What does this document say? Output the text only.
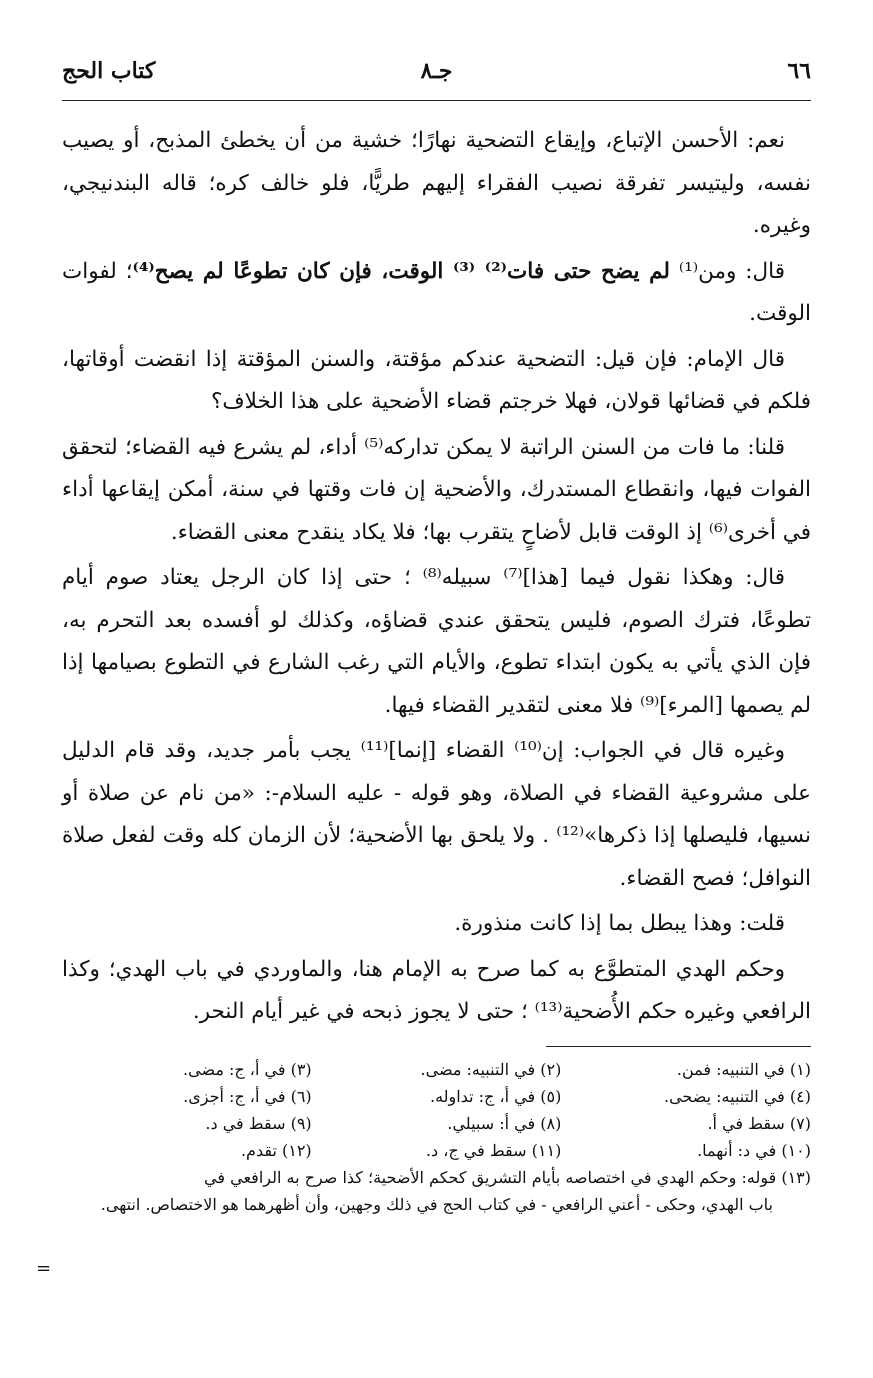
٦٦
جـ٨
كتاب الحج

نعم: الأحسن الإتباع، وإيقاع التضحية نهارًا؛ خشية من أن يخطئ المذبح، أو يصيب نفسه، وليتيسر تفرقة نصيب الفقراء إليهم طريًّا، فلو خالف كره؛ قاله البندنيجي، وغيره.

قال: ومن⁽¹⁾ لم يضح حتى فات⁽²⁾ ⁽³⁾ الوقت، فإن كان تطوعًا لم يصح⁽⁴⁾؛ لفوات الوقت.

قال الإمام: فإن قيل: التضحية عندكم مؤقتة، والسنن المؤقتة إذا انقضت أوقاتها، فلكم في قضائها قولان، فهلا خرجتم قضاء الأضحية على هذا الخلاف؟

قلنا: ما فات من السنن الراتبة لا يمكن تداركه⁽⁵⁾ أداء، لم يشرع فيه القضاء؛ لتحقق الفوات فيها، وانقطاع المستدرك، والأضحية إن فات وقتها في سنة، أمكن إيقاعها أداء في أخرى⁽⁶⁾ إذ الوقت قابل لأضاحٍ يتقرب بها؛ فلا يكاد ينقدح معنى القضاء.

قال: وهكذا نقول فيما [هذا]⁽⁷⁾ سبيله⁽⁸⁾ ؛ حتى إذا كان الرجل يعتاد صوم أيام تطوعًا، فترك الصوم، فليس يتحقق عندي قضاؤه، وكذلك لو أفسده بعد التحرم به، فإن الذي يأتي به يكون ابتداء تطوع، والأيام التي رغب الشارع في التطوع بصيامها إذا لم يصمها [المرء]⁽⁹⁾ فلا معنى لتقدير القضاء فيها.

وغيره قال في الجواب: إن⁽¹⁰⁾ القضاء [إنما]⁽¹¹⁾ يجب بأمر جديد، وقد قام الدليل على مشروعية القضاء في الصلاة، وهو قوله - عليه السلام-: «من نام عن صلاة أو نسيها، فليصلها إذا ذكرها»⁽¹²⁾ . ولا يلحق بها الأضحية؛ لأن الزمان كله وقت لفعل صلاة النوافل؛ فصح القضاء.

قلت: وهذا يبطل بما إذا كانت منذورة.

وحكم الهدي المتطوَّع به كما صرح به الإمام هنا، والماوردي في باب الهدي؛ وكذا الرافعي وغيره حكم الأُضحية⁽¹³⁾ ؛ حتى لا يجوز ذبحه في غير أيام النحر.

(١) في التنبيه: فمن.
(٢) في التنبيه: مضى.
(٣) في أ، ج: مضى.
(٤) في التنبيه: يضحى.
(٥) في أ، ج: تداوله.
(٦) في أ، ج: أجزى.
(٧) سقط في أ.
(٨) في أ: سبيلي.
(٩) سقط في د.
(١٠) في د: أنهما.
(١١) سقط في ج، د.
(١٢) تقدم.
(١٣) قوله: وحكم الهدي في اختصاصه بأيام التشريق كحكم الأضحية؛ كذا صرح به الرافعي في
باب الهدي، وحكى - أعني الرافعي - في كتاب الحج في ذلك وجهين، وأن أظهرهما هو الاختصاص. انتهى.
=
